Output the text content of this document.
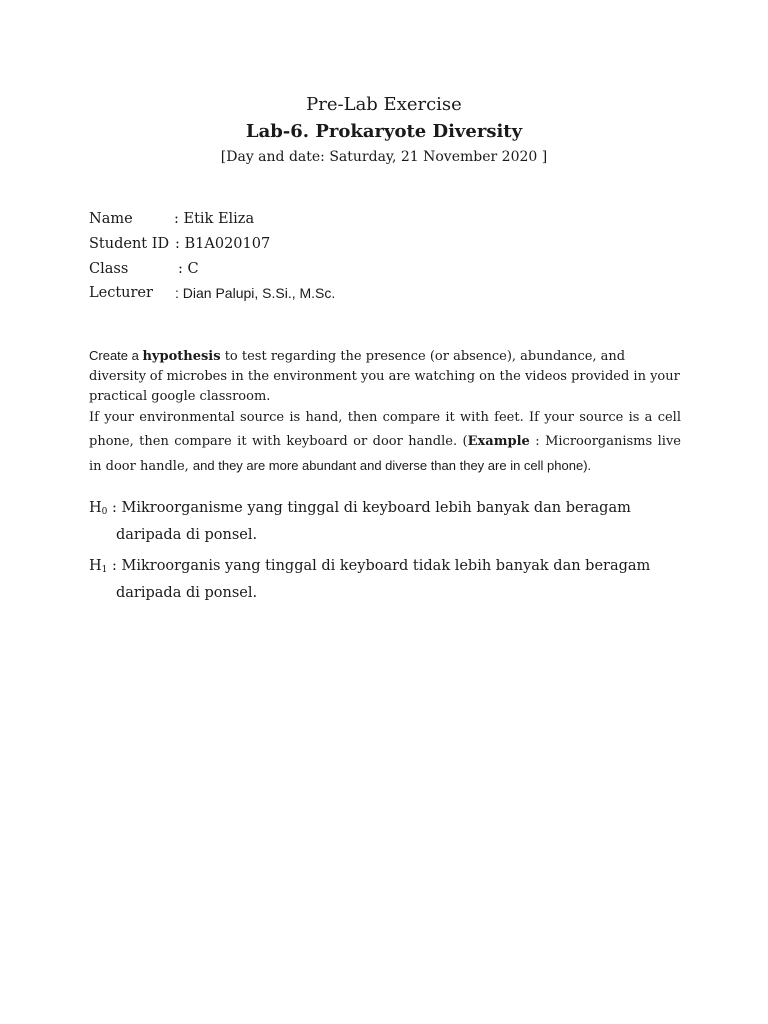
Pre-Lab Exercise
Lab-6. Prokaryote Diversity
[Day and date: Saturday, 21 November 2020 ]
Name	: Etik Eliza
Student ID : B1A020107
Class	: C
Lecturer : Dian Palupi, S.Si., M.Sc.

Create a hypothesis to test regarding the presence (or absence), abundance, and diversity of microbes in the environment you are watching on the videos provided in your practical google classroom.

If your environmental source is hand, then compare it with feet. If your source is a cell phone, then compare it with keyboard or door handle. (Example : Microorganisms live in door handle, and they are more abundant and diverse than they are in cell phone).

$H_0$ : Mikroorganisme yang tinggal di keyboard lebih banyak dan beragam
daripada di ponsel.
$H_1$ : Mikroorganis yang tinggal di keyboard tidak lebih banyak dan beragam
daripada di ponsel.
